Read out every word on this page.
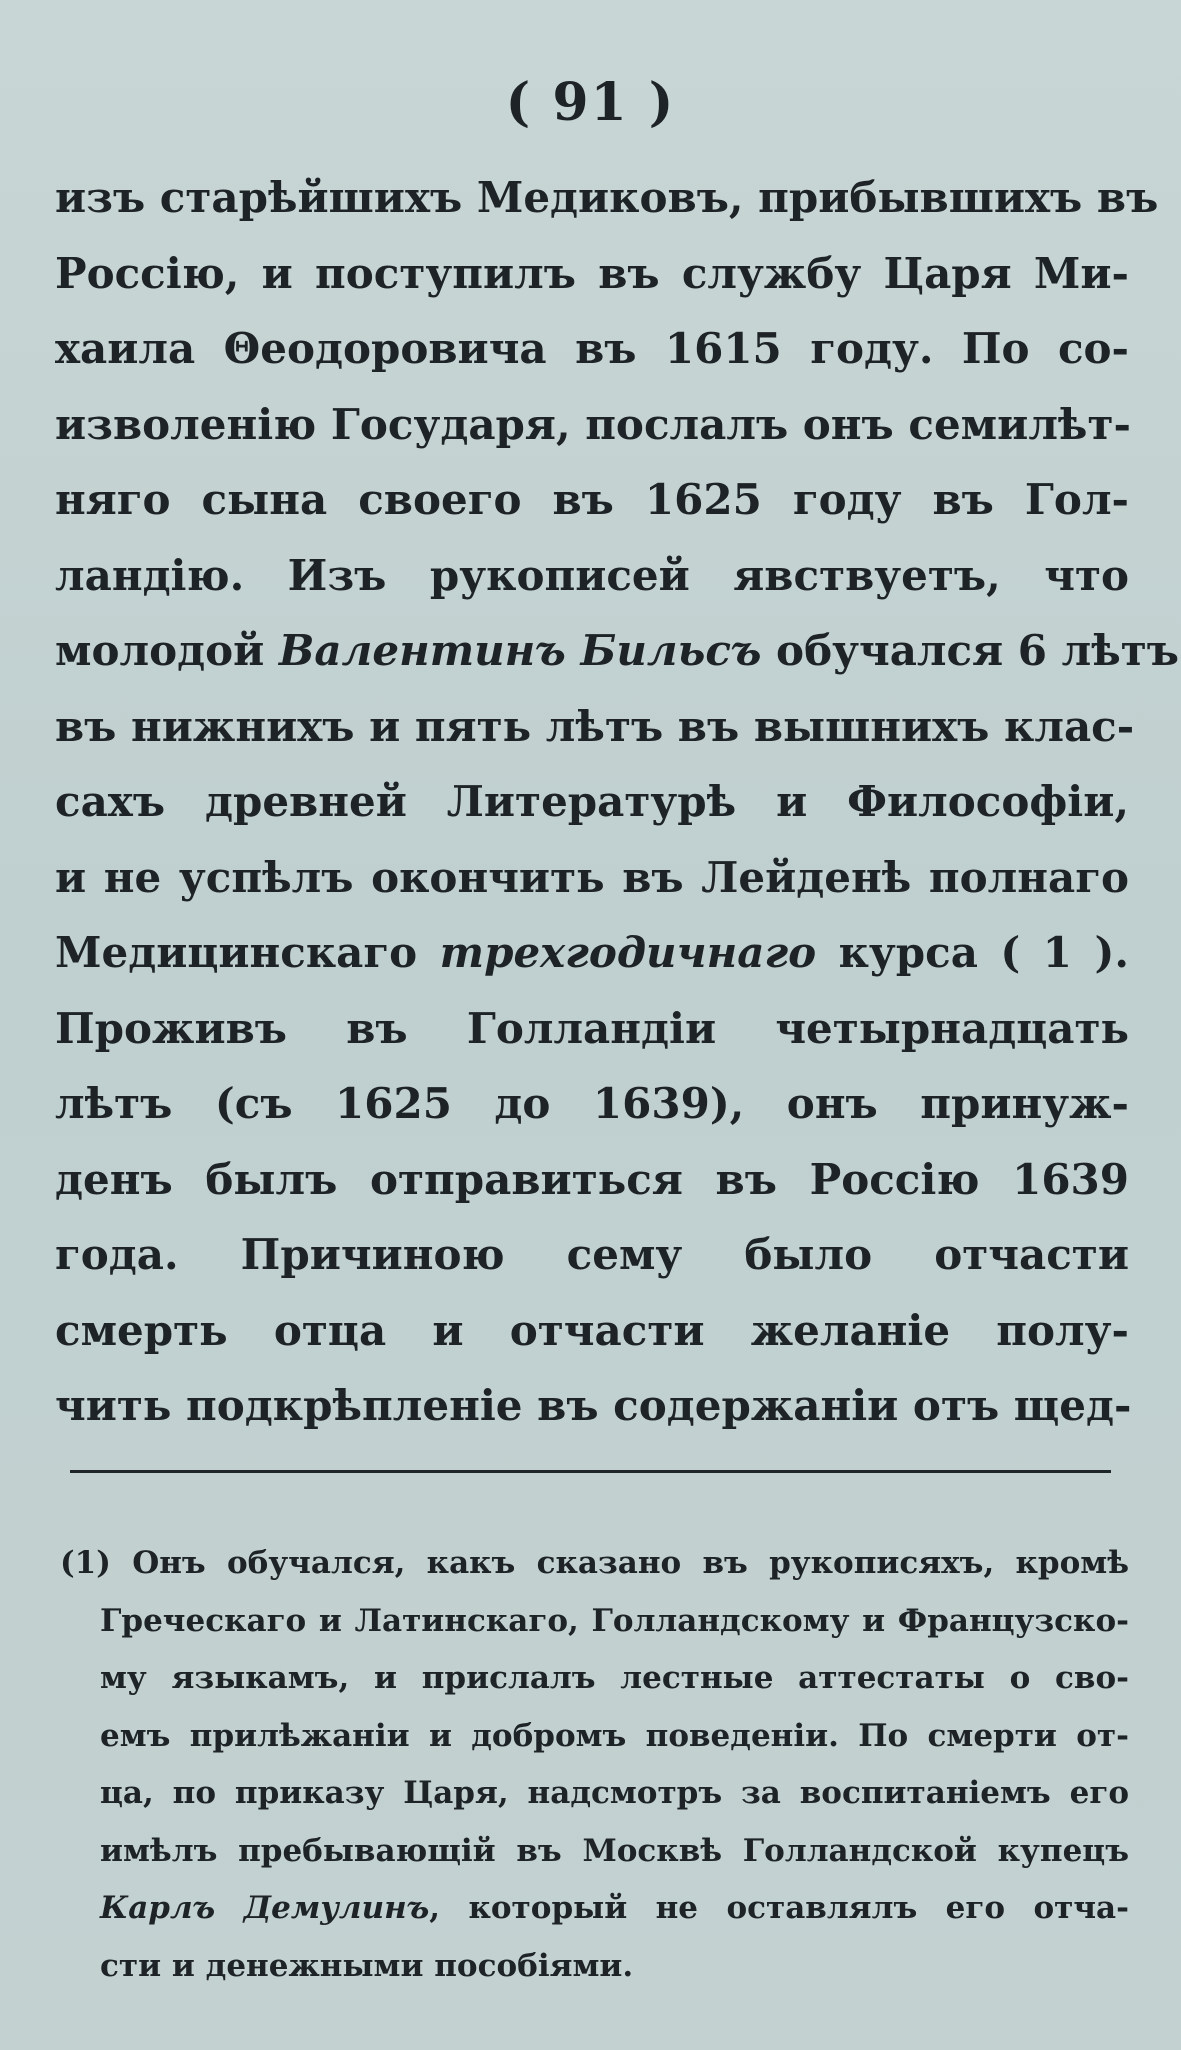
( 91 )
изъ старѣйшихъ Медиковъ, прибывшихъ въ
Россію, и поступилъ въ службу Царя Ми-
хаила Θеодоровича въ 1615 году. По со-
изволенію Государя, послалъ онъ семилѣт-
няго сына своего въ 1625 году въ Гол-
ландію. Изъ рукописей явствуетъ, что
молодой Валентинъ Бильсъ обучался 6 лѣтъ
въ нижнихъ и пять лѣтъ въ вышнихъ клас-
сахъ древней Литературѣ и Философіи,
и не успѣлъ окончить въ Лейденѣ полнаго
Медицинскаго трехгодичнаго курса ( 1 ).
Проживъ въ Голландіи четырнадцать
лѣтъ (съ 1625 до 1639), онъ принуж-
денъ былъ отправиться въ Россію 1639
года. Причиною сему было отчасти
смерть отца и отчасти желаніе полу-
чить подкрѣпленіе въ содержаніи отъ щед-
(1) Онъ обучался, какъ сказано въ рукописяхъ, кромѣ
Греческаго и Латинскаго, Голландскому и Французско-
му языкамъ, и прислалъ лестные аттестаты о сво-
емъ прилѣжаніи и добромъ поведеніи. По смерти от-
ца, по приказу Царя, надсмотръ за воспитаніемъ его
имѣлъ пребывающій въ Москвѣ Голландской купецъ
Карлъ Демулинъ, который не оставлялъ его отча-
сти и денежными пособіями.
